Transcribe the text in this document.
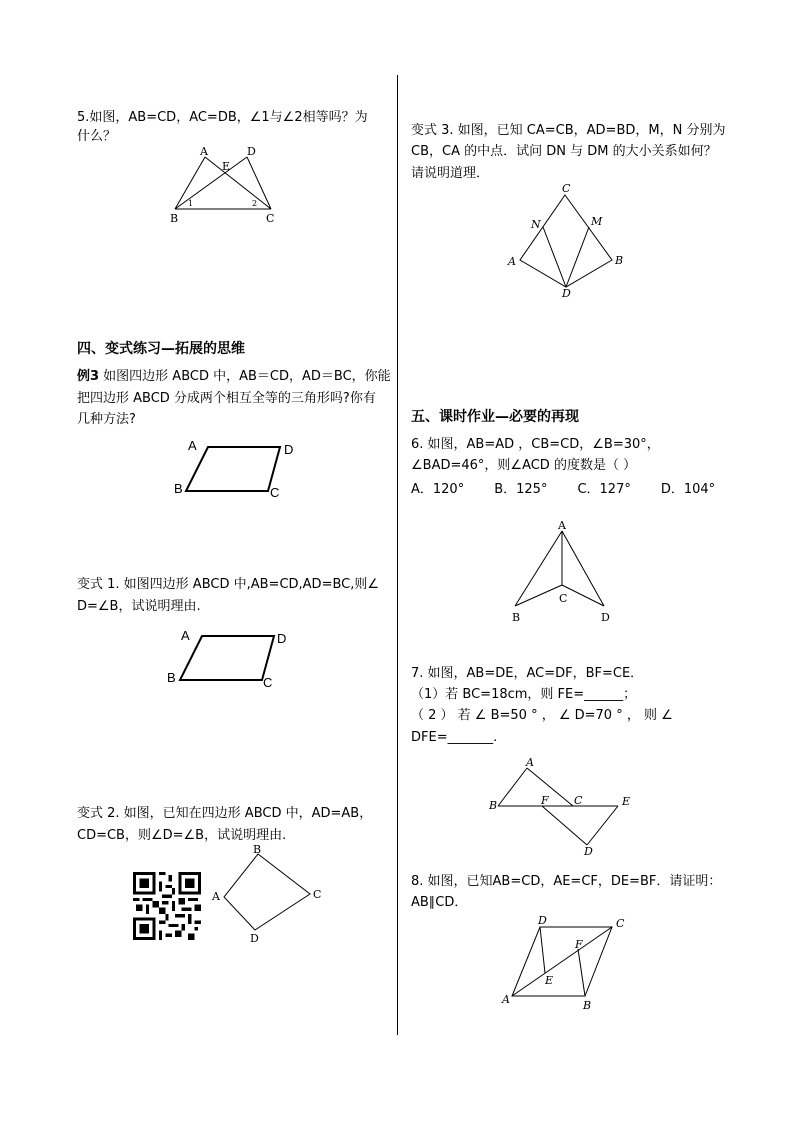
5.如图，AB=CD，AC=DB，∠1与∠2相等吗？为

什么？

A	D
E
B	C
1	2

四、变式练习—拓展的思维

例3 如图四边形 ABCD 中，AB＝CD，AD＝BC，你能

把四边形 ABCD 分成两个相互全等的三角形吗?你有

几种方法?

A	D
B	C

变式 1. 如图四边形 ABCD 中,AB=CD,AD=BC,则∠

D=∠B，试说明理由.

A	D
B	C

变式 2. 如图，已知在四边形 ABCD 中，AD=AB，

CD=CB，则∠D=∠B，试说明理由.

B
C
D
A

变式 3. 如图，已知 CA=CB，AD=BD，M，N 分别为

CB，CA 的中点．试问 DN 与 DM 的大小关系如何？

请说明道理．

C
N	M
A	B
D

五、课时作业—必要的再现

6. 如图，AB=AD ，CB=CD，∠B=30°，

∠BAD=46°，则∠ACD 的度数是（ ）

A．120° B．125° C．127° D．104°
A
C
B	D

7. 如图，AB=DE，AC=DF，BF=CE．

（1）若 BC=18cm，则 FE=______；

（ 2 ） 若 ∠ B=50 ° ， ∠ D=70 ° ， 则 ∠

DFE=_______.

A
B	F C	E
D

8. 如图，已知AB=CD，AE=CF，DE=BF．请证明：

AB∥CD．

D	C
F
E
A	B
